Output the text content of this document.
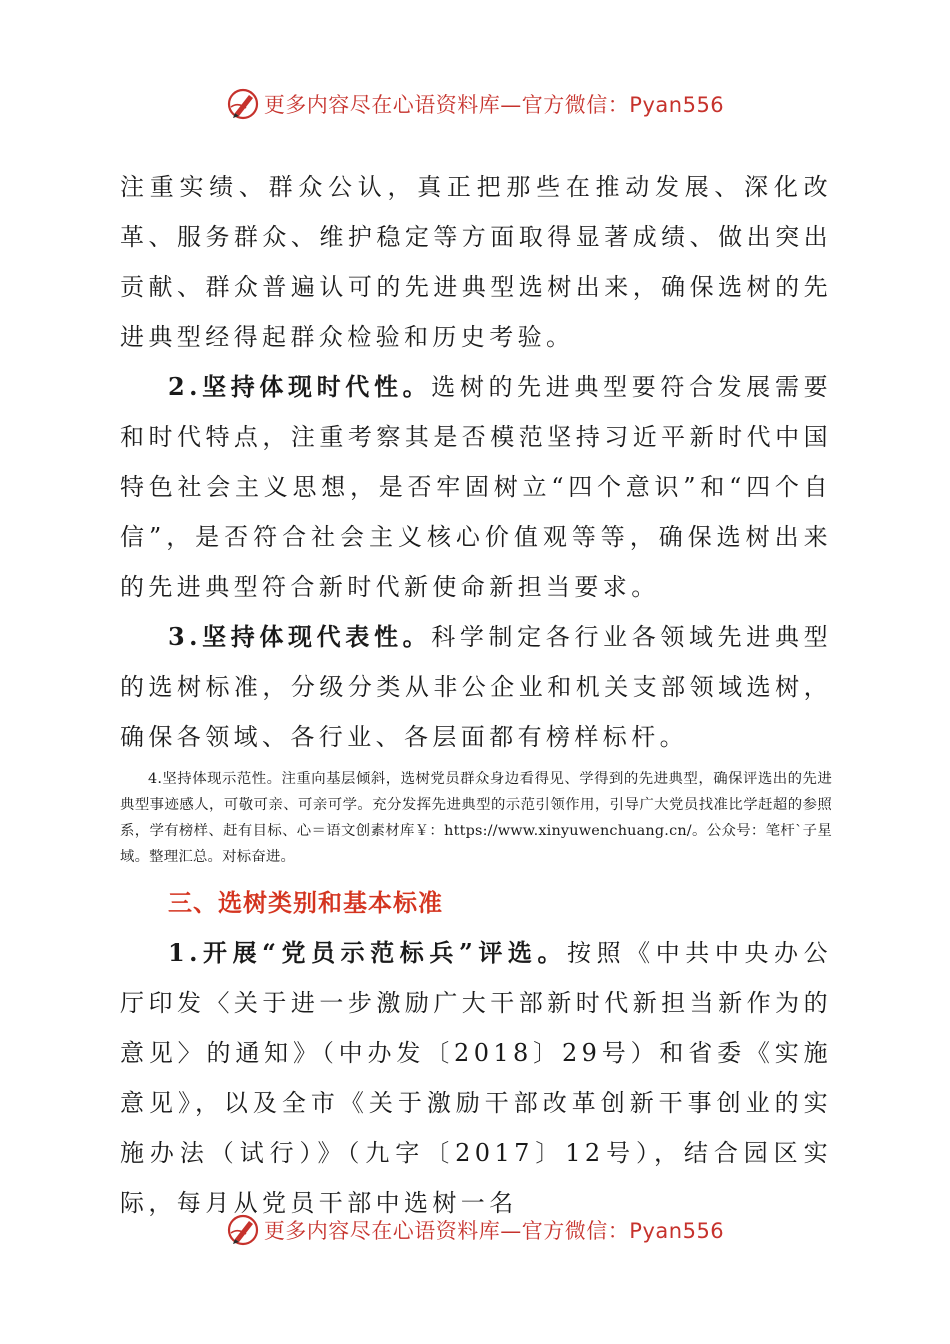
更多内容尽在心语资料库—官方微信：Pyan556

注重实绩、群众公认，真正把那些在推动发展、深化改革、服务群众、维护稳定等方面取得显著成绩、做出突出贡献、群众普遍认可的先进典型选树出来，确保选树的先进典型经得起群众检验和历史考验。

2.坚持体现时代性。选树的先进典型要符合发展需要和时代特点，注重考察其是否模范坚持习近平新时代中国特色社会主义思想，是否牢固树立“四个意识”和“四个自信”，是否符合社会主义核心价值观等等，确保选树出来的先进典型符合新时代新使命新担当要求。

3.坚持体现代表性。科学制定各行业各领域先进典型的选树标准，分级分类从非公企业和机关支部领域选树，确保各领域、各行业、各层面都有榜样标杆。

4.坚持体现示范性。注重向基层倾斜，选树党员群众身边看得见、学得到的先进典型，确保评选出的先进典型事迹感人，可敬可亲、可亲可学。充分发挥先进典型的示范引领作用，引导广大党员找准比学赶超的参照系，学有榜样、赶有目标、心＝语文创素材库￥：https://www.xinyuwenchuang.cn/。公众号：笔杆`子星域。整理汇总。对标奋进。

三、选树类别和基本标准

1.开展“党员示范标兵”评选。按照《中共中央办公厅印发〈关于进一步激励广大干部新时代新担当新作为的意见〉的通知》（中办发〔2018〕29号）和省委《实施意见》，以及全市《关于激励干部改革创新干事创业的实施办法（试行）》（九字〔2017〕12号），结合园区实际，每月从党员干部中选树一名

更多内容尽在心语资料库—官方微信：Pyan556
